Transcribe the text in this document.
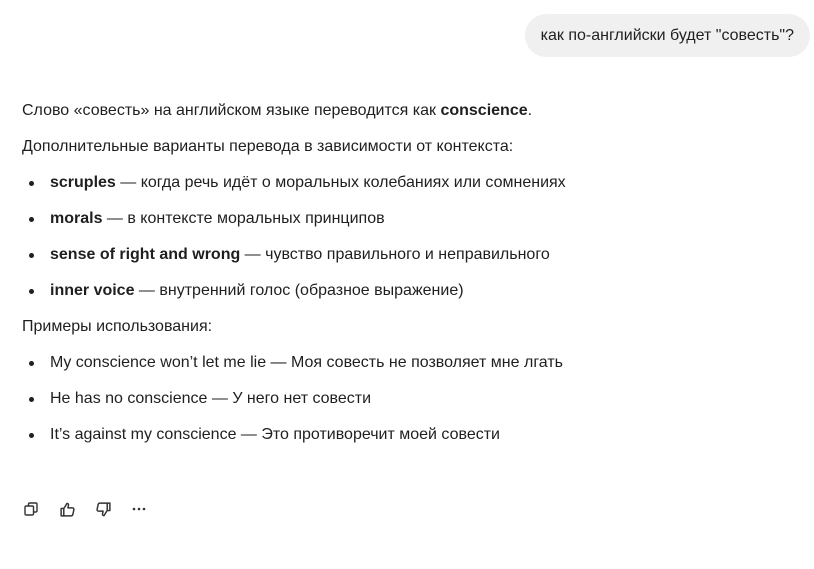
как по-английски будет "совесть"?

Слово «совесть» на английском языке переводится как conscience.

Дополнительные варианты перевода в зависимости от контекста:

scruples — когда речь идёт о моральных колебаниях или сомнениях
morals — в контексте моральных принципов
sense of right and wrong — чувство правильного и неправильного
inner voice — внутренний голос (образное выражение)

Примеры использования:

My conscience won’t let me lie — Моя совесть не позволяет мне лгать
He has no conscience — У него нет совести
It’s against my conscience — Это противоречит моей совести
